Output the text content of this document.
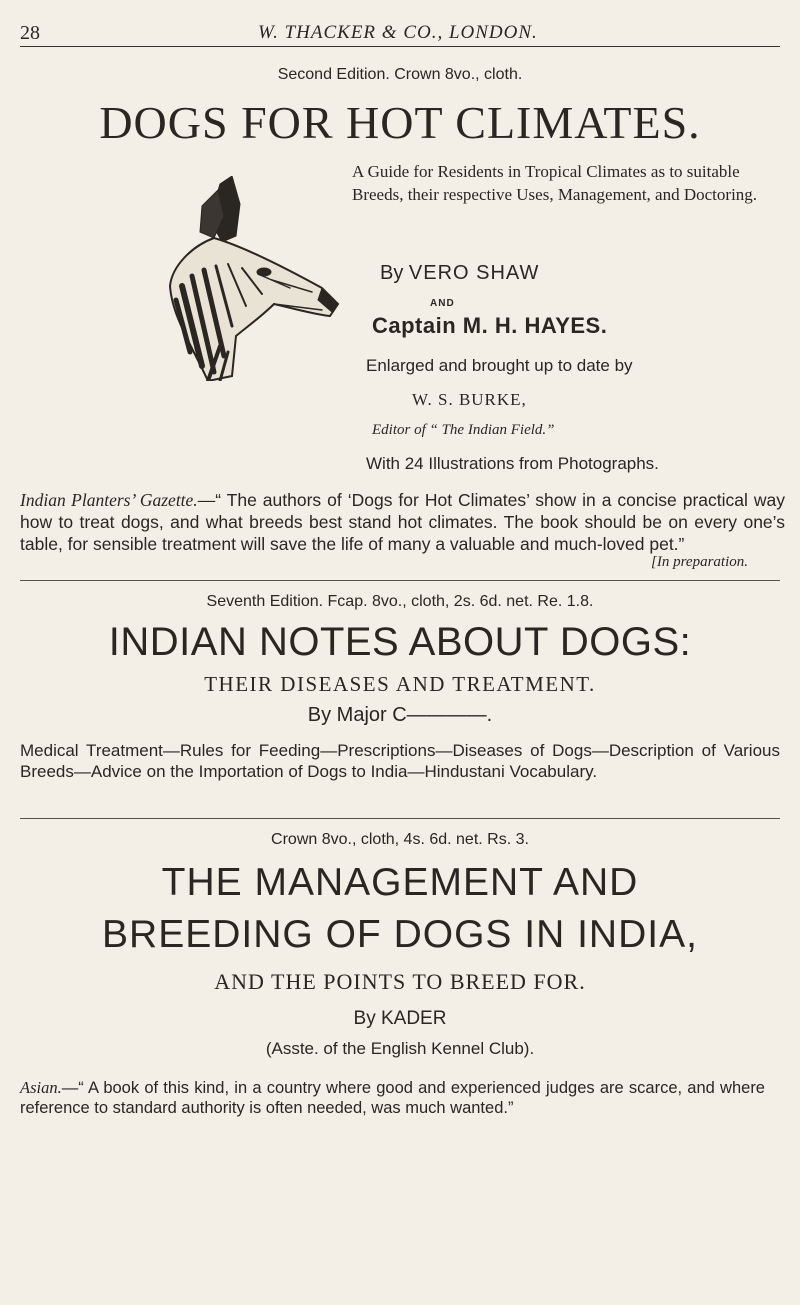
28	W. THACKER & CO., LONDON.
Second Edition. Crown 8vo., cloth.
DOGS FOR HOT CLIMATES.

A Guide for Residents in Tropical Climates as to suitable Breeds, their respective Uses, Management, and Doctoring.

By VERO SHAW
AND
Captain M. H. HAYES.
Enlarged and brought up to date by
W. S. BURKE,
Editor of “ The Indian Field.”
With 24 Illustrations from Photographs.

Indian Planters’ Gazette.—“ The authors of ‘Dogs for Hot Climates’ show in a concise practical way how to treat dogs, and what breeds best stand hot climates. The book should be on every one’s table, for sensible treatment will save the life of many a valuable and much-loved pet.”

[In preparation.
Seventh Edition. Fcap. 8vo., cloth, 2s. 6d. net. Re. 1.8.
INDIAN NOTES ABOUT DOGS:
THEIR DISEASES AND TREATMENT.
By Major C————.

Medical Treatment—Rules for Feeding—Prescriptions—Diseases of Dogs—Description of Various Breeds—Advice on the Importation of Dogs to India—Hindustani Vocabulary.

Crown 8vo., cloth, 4s. 6d. net. Rs. 3.
THE MANAGEMENT AND
BREEDING OF DOGS IN INDIA,
AND THE POINTS TO BREED FOR.
By KADER
(Asste. of the English Kennel Club).

Asian.—“ A book of this kind, in a country where good and experienced judges are scarce, and where reference to standard authority is often needed, was much wanted.”
